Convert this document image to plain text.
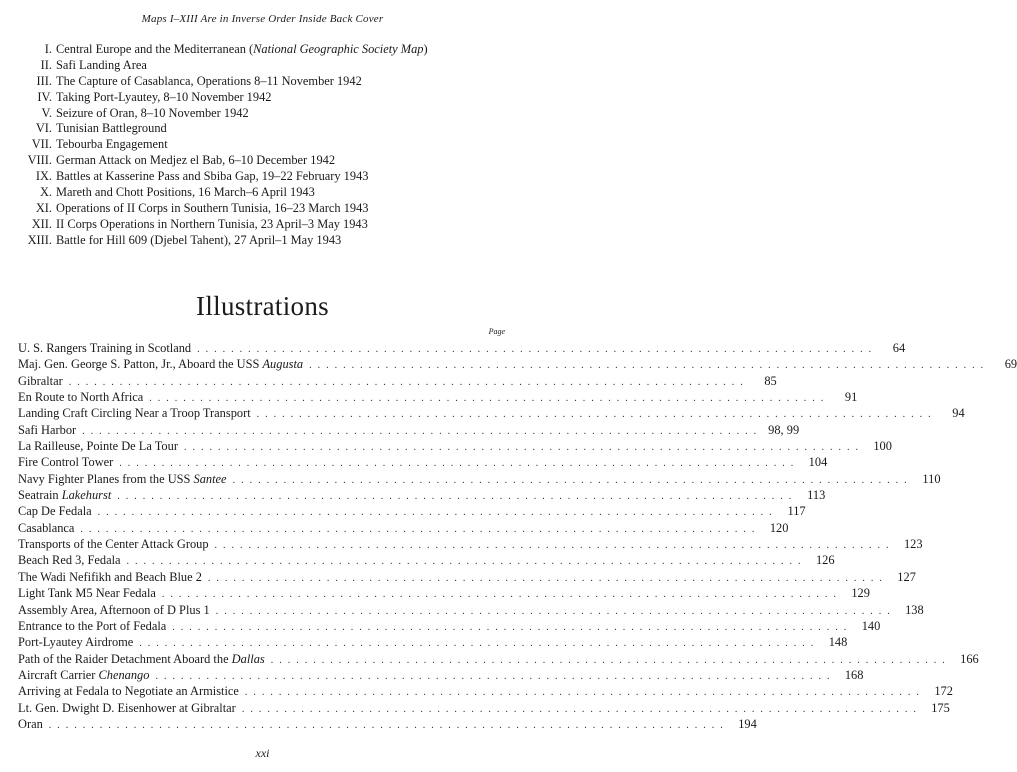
Maps I–XIII Are in Inverse Order Inside Back Cover
I. Central Europe and the Mediterranean (National Geographic Society Map)
II. Safi Landing Area
III. The Capture of Casablanca, Operations 8–11 November 1942
IV. Taking Port-Lyautey, 8–10 November 1942
V. Seizure of Oran, 8–10 November 1942
VI. Tunisian Battleground
VII. Tebourba Engagement
VIII. German Attack on Medjez el Bab, 6–10 December 1942
IX. Battles at Kasserine Pass and Sbiba Gap, 19–22 February 1943
X. Mareth and Chott Positions, 16 March–6 April 1943
XI. Operations of II Corps in Southern Tunisia, 16–23 March 1943
XII. II Corps Operations in Northern Tunisia, 23 April–3 May 1943
XIII. Battle for Hill 609 (Djebel Tahent), 27 April–1 May 1943
Illustrations
Page
U. S. Rangers Training in Scotland ................................................................................	64
Maj. Gen. George S. Patton, Jr., Aboard the USS Augusta ................................................................................	69
Gibraltar ................................................................................	85
En Route to North Africa ................................................................................	91
Landing Craft Circling Near a Troop Transport ................................................................................	94
Safi Harbor ................................................................................ 98, 99
La Railleuse, Pointe De La Tour ................................................................................ 100
Fire Control Tower ................................................................................ 104
Navy Fighter Planes from the USS Santee ................................................................................ 110
Seatrain Lakehurst ................................................................................ 113
Cap De Fedala ................................................................................ 117
Casablanca ................................................................................ 120
Transports of the Center Attack Group ................................................................................ 123
Beach Red 3, Fedala ................................................................................ 126
The Wadi Nefifikh and Beach Blue 2 ................................................................................ 127
Light Tank M5 Near Fedala ................................................................................ 129
Assembly Area, Afternoon of D Plus 1 ................................................................................ 138
Entrance to the Port of Fedala ................................................................................ 140
Port-Lyautey Airdrome ................................................................................ 148
Path of the Raider Detachment Aboard the Dallas ................................................................................ 166
Aircraft Carrier Chenango ................................................................................ 168
Arriving at Fedala to Negotiate an Armistice ................................................................................ 172
Lt. Gen. Dwight D. Eisenhower at Gibraltar ................................................................................ 175
Oran ................................................................................ 194
xxi
